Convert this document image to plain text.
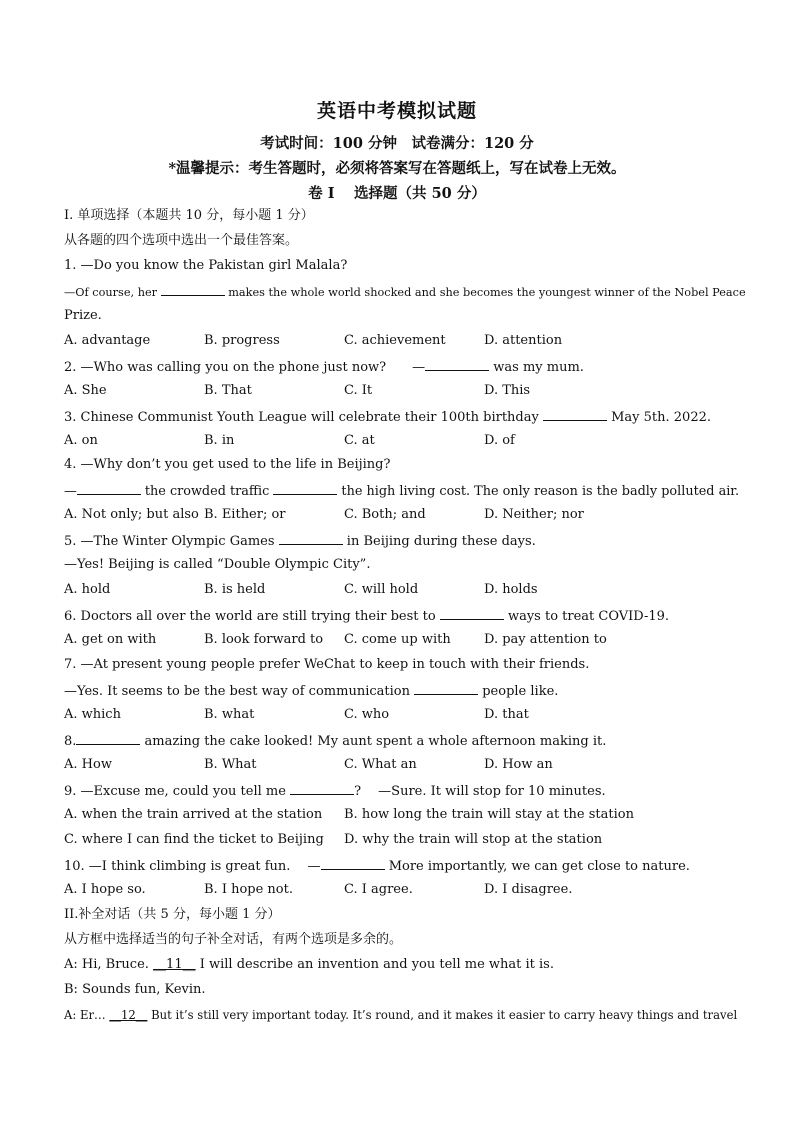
英语中考模拟试题
考试时间：100 分钟　试卷满分：120 分
*温馨提示：考生答题时，必须将答案写在答题纸上，写在试卷上无效。
卷 I　 选择题（共 50 分）
I. 单项选择（本题共 10 分，每小题 1 分）
从各题的四个选项中选出一个最佳答案。
1. —Do you know the Pakistan girl Malala?
—Of course, her	makes the whole world shocked and she becomes the youngest winner of the Nobel Peace
Prize.
A. advantage	B. progress	C. achievement	D. attention
2. —Who was calling you on the phone just now?　　—	was my mum.
A. She	B. That	C. It	D. This
3. Chinese Communist Youth League will celebrate their 100th birthday	May 5th. 2022.
A. on	B. in	C. at	D. of
4. —Why don’t you get used to the life in Beijing?
—	the crowded traffic	the high living cost. The only reason is the badly polluted air.
A. Not only; but also B. Either; or	C. Both; and	D. Neither; nor
5. —The Winter Olympic Games	in Beijing during these days.
—Yes! Beijing is called “Double Olympic City”.
A. hold	B. is held	C. will hold	D. holds
6. Doctors all over the world are still trying their best to	ways to treat COVID-19.
A. get on with	B. look forward to C. come up with	D. pay attention to
7. —At present young people prefer WeChat to keep in touch with their friends.
—Yes. It seems to be the best way of communication	people like.
A. which	B. what	C. who	D. that
8.	amazing the cake looked! My aunt spent a whole afternoon making it.
A. How	B. What	C. What an	D. How an
9. —Excuse me, could you tell me	?　 —Sure. It will stop for 10 minutes.
A. when the train arrived at the station B. how long the train will stay at the station
C. where I can find the ticket to Beijing D. why the train will stop at the station
10. —I think climbing is great fun.　 —	More importantly, we can get close to nature.
A. I hope so.	B. I hope not.	C. I agree.	D. I disagree.
II.补全对话（共 5 分，每小题 1 分）
从方框中选择适当的句子补全对话，有两个选项是多余的。
A: Hi, Bruce. __11__ I will describe an invention and you tell me what it is.
B: Sounds fun, Kevin.
A: Er… __12__ But it’s still very important today. It’s round, and it makes it easier to carry heavy things and travel
